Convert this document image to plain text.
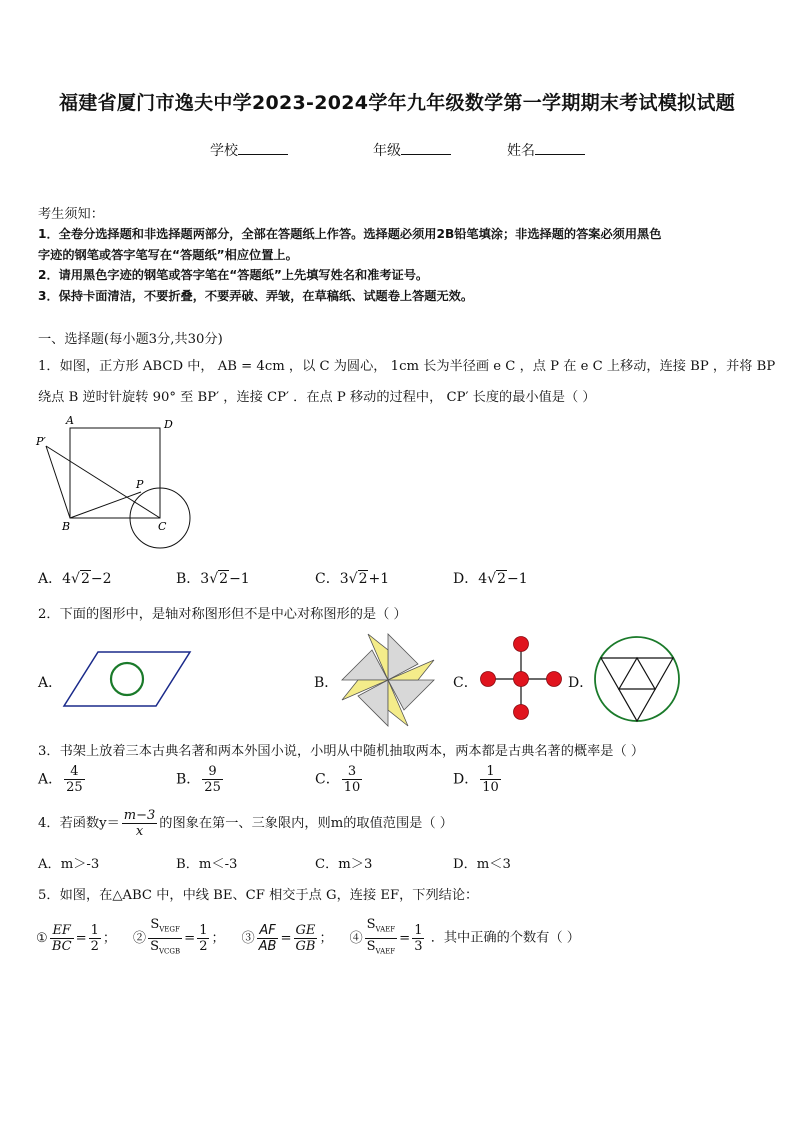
福建省厦门市逸夫中学2023-2024学年九年级数学第一学期期末考试模拟试题
学校	年级	姓名
考生须知：
1．全卷分选择题和非选择题两部分，全部在答题纸上作答。选择题必须用2B铅笔填涂；非选择题的答案必须用黑色
字迹的钢笔或答字笔写在“答题纸”相应位置上。
2．请用黑色字迹的钢笔或答字笔在“答题纸”上先填写姓名和准考证号。
3．保持卡面清洁，不要折叠，不要弄破、弄皱，在草稿纸、试题卷上答题无效。
一、选择题(每小题3分,共30分)
1．如图，正方形 ABCD 中， AB = 4cm ，以 C 为圆心， 1cm 长为半径画 e C ，点 P 在 e C 上移动，连接 BP ，并将 BP
绕点 B 逆时针旋转 90° 至 BP′ ，连接 CP′ ．在点 P 移动的过程中， CP′ 长度的最小值是（ ）
A	D
P′
P
B	C
A．4√2−2	B．3√2−1	C．3√2+1	D．4√2−1
2．下面的图形中，是轴对称图形但不是中心对称图形的是（ ）
A．	B．	C．	D．
3．书架上放着三本古典名著和两本外国小说，小明从中随机抽取两本，两本都是古典名著的概率是（ ）
A． $\frac{4}{25}$	B． $\frac{9}{25}$	C． $\frac{3}{10}$	D． $\frac{1}{10}$
4．若函数$y= \frac{m-3}{x}$ 的图象在第一、三象限内，则m的取值范围是（ ）
A．m＞-3	B．m＜-3	C．m＞3	D．m＜3
5．如图，在△ABC 中，中线 BE、CF 相交于点 G，连接 EF，下列结论：
① $\frac{EF}{BC} = \frac{1}{2}$ ； ② $\frac{S_{VEGF}}{S_{VCGB}} = \frac{1}{2}$ ； ③ $\frac{AF}{AB} = \frac{GE}{GB}$ ； ④ $\frac{S_{VAEF}}{S_{VAEF}} = \frac{1}{3}$ ．其中正确的个数有（ ）
